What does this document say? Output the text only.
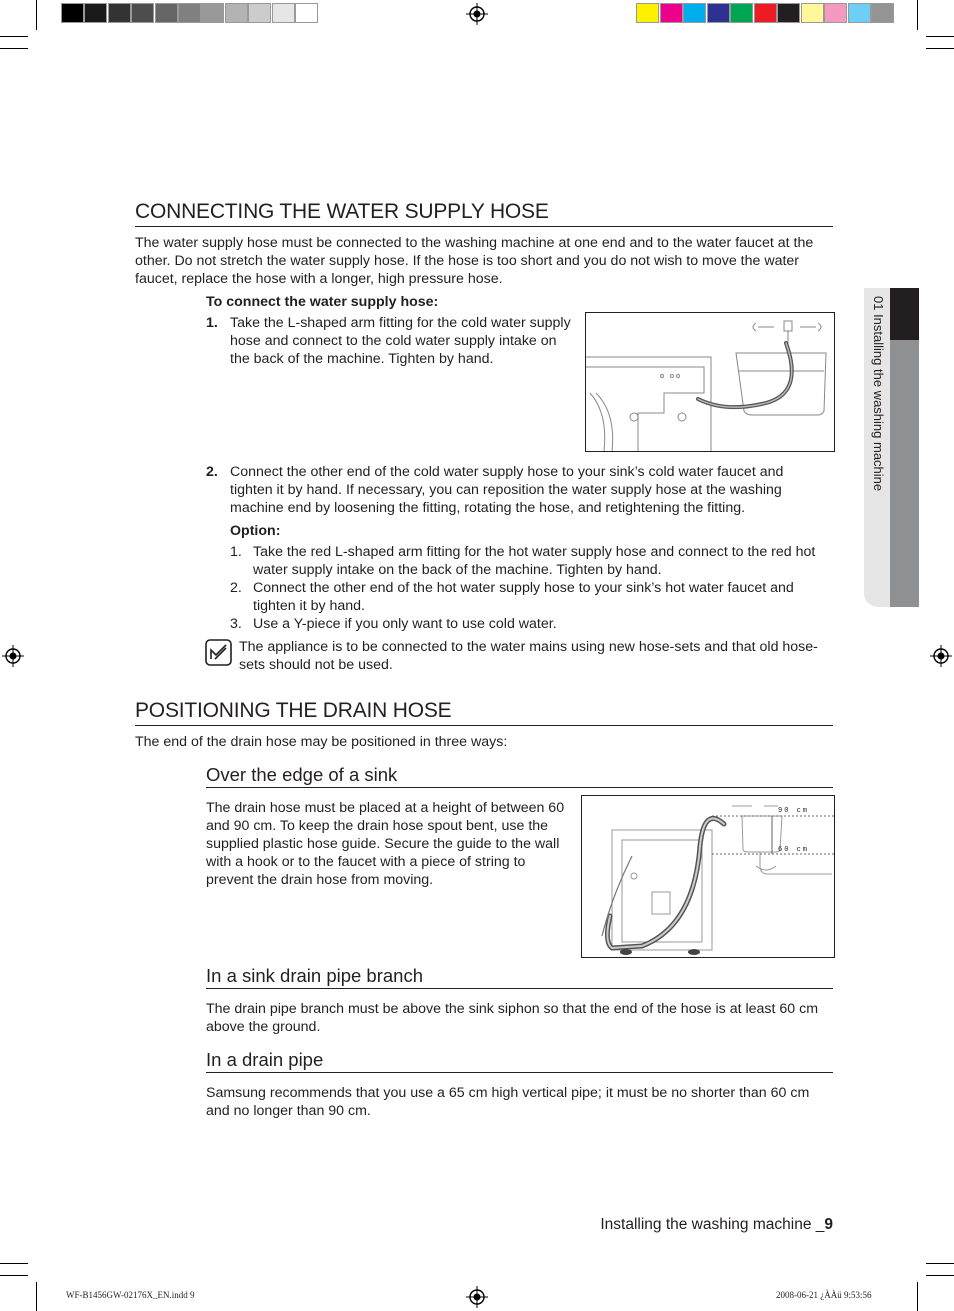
01 Installing the washing machine
CONNECTING THE WATER SUPPLY HOSE

The water supply hose must be connected to the washing machine at one end and to the water faucet at the other. Do not stretch the water supply hose. If the hose is too short and you do not wish to move the water faucet, replace the hose with a longer, high pressure hose.

To connect the water supply hose:

1. Take the L-shaped arm fitting for the cold water supply hose and connect to the cold water supply intake on the back of the machine. Tighten by hand.

2. Connect the other end of the cold water supply hose to your sink’s cold water faucet and tighten it by hand. If necessary, you can reposition the water supply hose at the washing machine end by loosening the fitting, rotating the hose, and retightening the fitting.

Option:

1. Take the red L-shaped arm fitting for the hot water supply hose and connect to the red hot water supply intake on the back of the machine. Tighten by hand.

2. Connect the other end of the hot water supply hose to your sink’s hot water faucet and tighten it by hand.

3. Use a Y-piece if you only want to use cold water.

The appliance is to be connected to the water mains using new hose-sets and that old hose-sets should not be used.

POSITIONING THE DRAIN HOSE

The end of the drain hose may be positioned in three ways:

Over the edge of a sink

The drain hose must be placed at a height of between 60 and 90 cm. To keep the drain hose spout bent, use the supplied plastic hose guide. Secure the guide to the wall with a hook or to the faucet with a piece of string to prevent the drain hose from moving.

90 cm
60 cm
In a sink drain pipe branch

The drain pipe branch must be above the sink siphon so that the end of the hose is at least 60 cm above the ground.

In a drain pipe

Samsung recommends that you use a 65 cm high vertical pipe; it must be no shorter than 60 cm and no longer than 90 cm.

Installing the washing machine _9
WF-B1456GW-02176X_EN.indd 9	2008-06-21 ¿ÀÀü 9:53:56
